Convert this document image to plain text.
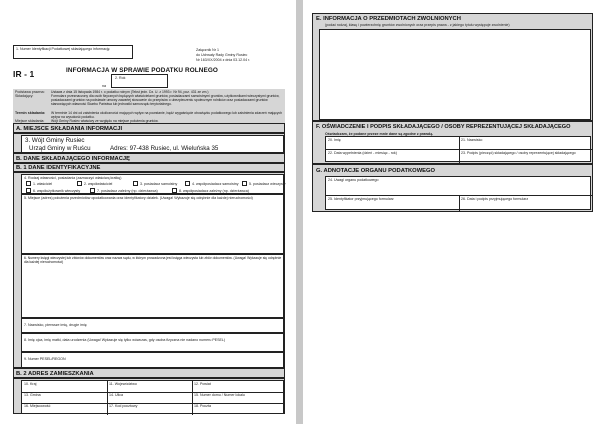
1. Numer Identyfikacji Podatkowej składającego informację	Załącznik Nr 1
do Uchwały Rady Gminy Rusiec
Nr 163/XX/2004 z dnia 03.12.04 r.
IR - 1	INFORMACJA W SPRAWIE PODATKU ROLNEGO
2. Rok
na
Podstawa prawna: Ustawa z dnia 15 listopada 1984 r. o podatku rolnym (Tekst jedn. Dz. U. z 1993 r. Nr 94, poz. 431 ze zm.)
Składający:	Formularz przeznaczony dla osób fizycznych będących właścicielami gruntów, posiadaczami samoistnymi gruntów, użytkownikami wieczystymi gruntów, posiadaczami gruntów na podstawie umowy zawartej stosownie do przepisów o ubezpieczeniu społecznym rolników oraz posiadaczami gruntów stanowiących własność Skarbu Państwa lub jednostki samorządu terytorialnego.
Termin składania: W terminie 14 dni od zaistnienia okoliczności mających wpływ na powstanie, bądź wygaśnięcie obowiązku podatkowego lub zaistnienia zdarzeń mających wpływ na wysokość podatku.
Miejsce składania: Wójt Gminy Rusiec właściwy ze względu na miejsce położenia gruntów.
A. MIEJSCE SKŁADANIA INFORMACJI
3. Wójt Gminy Rusiec
Urząd Gminy w Ruścu	Adres: 97-438 Rusiec, ul. Wieluńska 35
B. DANE SKŁADAJĄCEGO INFORMACJĘ
B. 1 DANE IDENTYFIKACYJNE
4. Rodzaj własności, posiadania (zaznaczyć właściwą kratkę)
1. właściciel	2. współwłaściciel	3. posiadacz samoistny	4. współposiadacz samoistny	5. posiadacz wieczysty
6. współużytkownik wieczysty	7. posiadacz zależny (np. dzierżawca)	8. współposiadacz zależny (np. dzierżawca)
5. Miejsce (adres) położenia przedmiotów opodatkowania oraz identyfikatory działek. (Uwaga! Wykazuje się odrębnie dla każdej nieruchomości)
6. Numery księgi wieczystej lub zbiorów dokumentów oraz nazwa sądu, w którym prowadzona jest księga wieczysta lub zbiór dokumentów. (Uwaga! Wykazuje się odrębnie dla każdej nieruchomości)
7. Nazwisko, pierwsze imię, drugie imię
8. Imię ojca, imię matki, data urodzenia (Uwaga! Wykazuje się tylko wówczas, gdy osoba fizyczna nie nadano numeru PESEL)
9. Numer PESEL/REGON
B. 2 ADRES ZAMIESZKANIA
10. Kraj	11. Województwo	12. Powiat
13. Gmina	14. Ulica	15. Numer domu / Numer lokalu
16. Miejscowość	17. Kod pocztowy	18. Poczta
E. INFORMACJA O PRZEDMIOTACH ZWOLNIONYCH
(podać rodzaj, klasę i powierzchnię gruntów zwolnionych oraz przepis prawa - z jakiego tytułu występuje zwolnienie)
F. OŚWIADCZENIE I PODPIS SKŁADAJĄCEGO / OSOBY REPREZENTUJĄCEJ SKŁADAJĄCEGO
Oświadczam, że podane przeze mnie dane są zgodne z prawdą.
20. Imię	21. Nazwisko
22. Data wypełnienia (dzień - miesiąc - rok)	23. Podpis (pieczęć) składającego / osoby reprezentującej składającego
G. ADNOTACJE ORGANU PODATKOWEGO
24. Uwagi organu podatkowego
25. Identyfikator przyjmującego formularz	26. Data i podpis przyjmującego formularz
